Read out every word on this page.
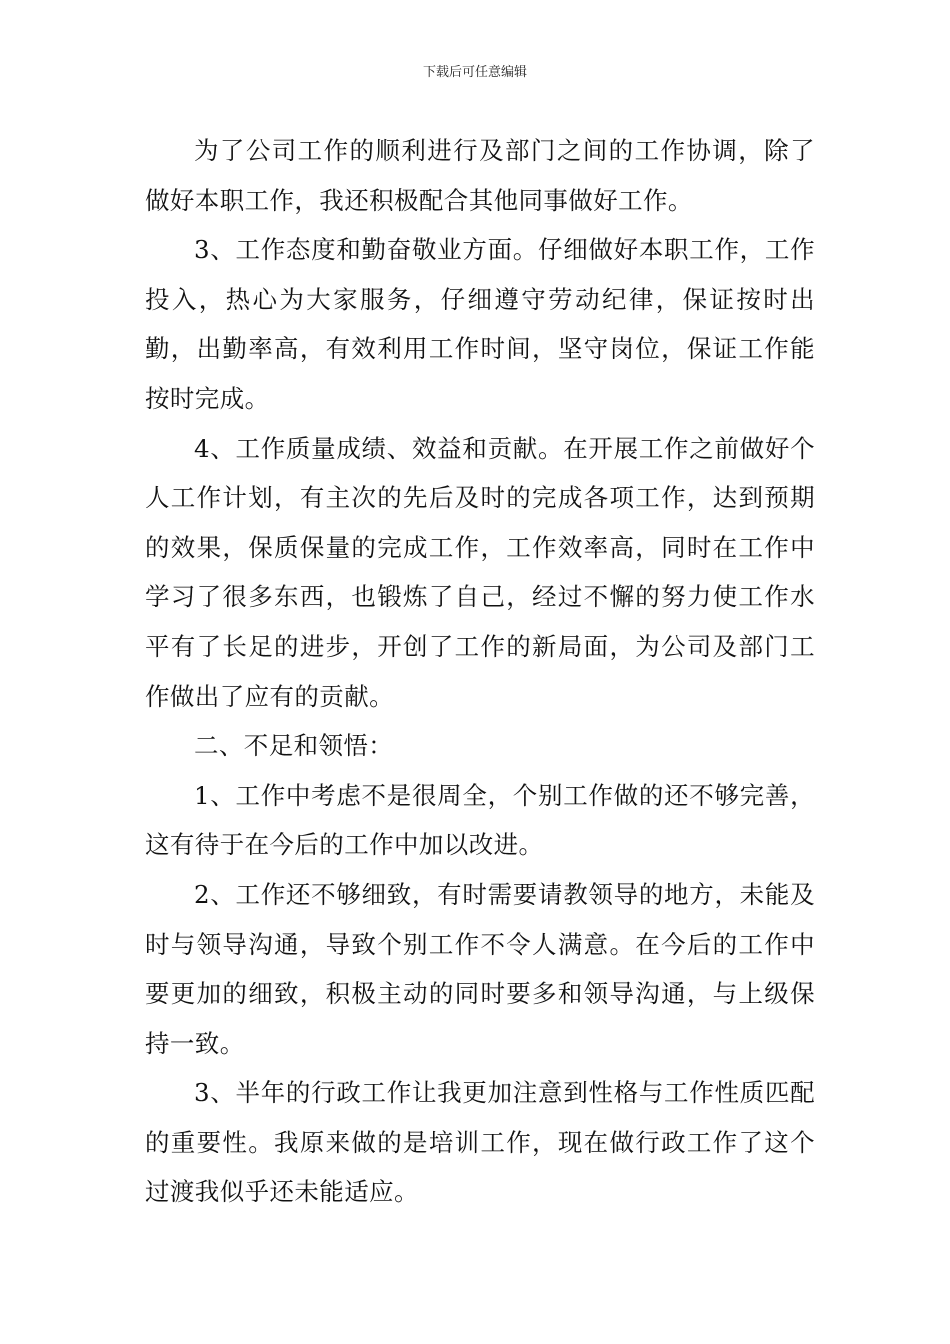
下载后可任意编辑

为了公司工作的顺利进行及部门之间的工作协调，除了做好本职工作，我还积极配合其他同事做好工作。

3、工作态度和勤奋敬业方面。仔细做好本职工作，工作投入，热心为大家服务，仔细遵守劳动纪律，保证按时出勤，出勤率高，有效利用工作时间，坚守岗位，保证工作能按时完成。

4、工作质量成绩、效益和贡献。在开展工作之前做好个人工作计划，有主次的先后及时的完成各项工作，达到预期的效果，保质保量的完成工作，工作效率高，同时在工作中学习了很多东西，也锻炼了自己，经过不懈的努力使工作水平有了长足的进步，开创了工作的新局面，为公司及部门工作做出了应有的贡献。

二、不足和领悟：

1、工作中考虑不是很周全，个别工作做的还不够完善，这有待于在今后的工作中加以改进。

2、工作还不够细致，有时需要请教领导的地方，未能及时与领导沟通，导致个别工作不令人满意。在今后的工作中要更加的细致，积极主动的同时要多和领导沟通，与上级保持一致。

3、半年的行政工作让我更加注意到性格与工作性质匹配的重要性。我原来做的是培训工作，现在做行政工作了这个过渡我似乎还未能适应。
